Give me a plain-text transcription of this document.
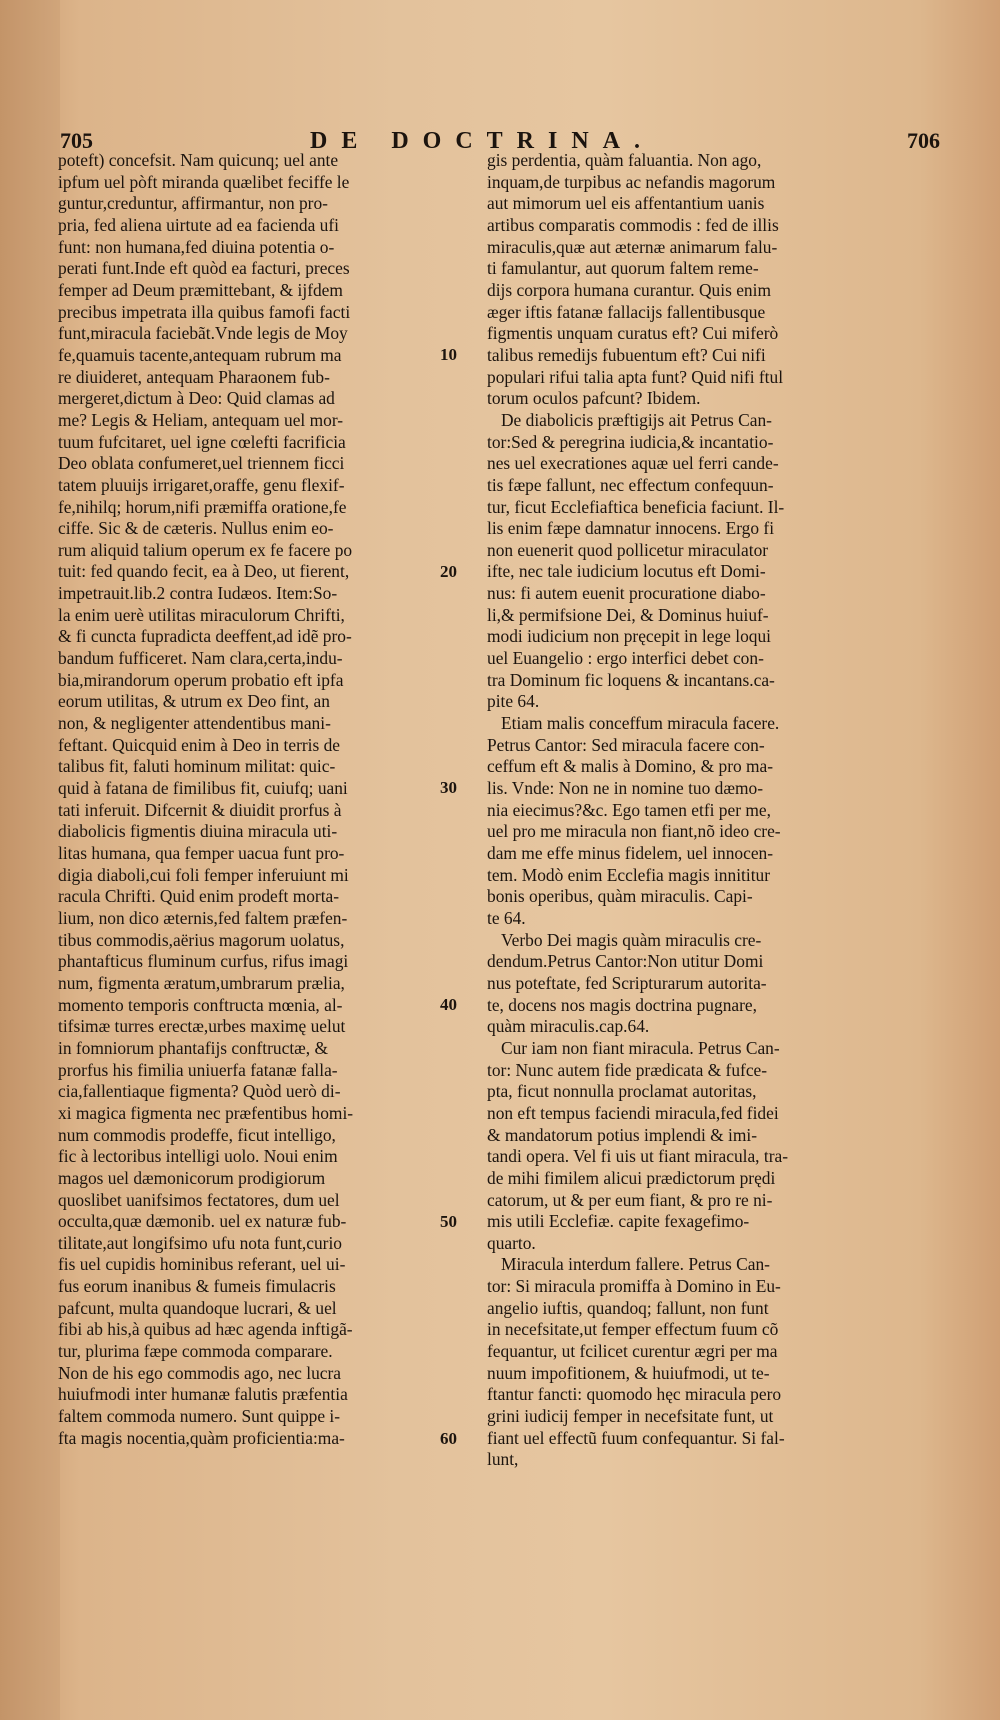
705	DE DOCTRINA.	706
poteft) concefsit. Nam quicunq; uel ante
ipfum uel pòft miranda quælibet feciffe le
guntur,creduntur, affirmantur, non pro-
pria, fed aliena uirtute ad ea facienda ufi
funt: non humana,fed diuina potentia o-
perati funt.Inde eft quòd ea facturi, preces
femper ad Deum præmittebant, & ijfdem
precibus impetrata illa quibus famofi facti
funt,miracula faciebãt.Vnde legis de Moy
fe,quamuis tacente,antequam rubrum ma
re diuideret, antequam Pharaonem fub-
mergeret,dictum à Deo: Quid clamas ad
me? Legis & Heliam, antequam uel mor-
tuum fufcitaret, uel igne cœlefti facrificia
Deo oblata confumeret,uel triennem ficci
tatem pluuijs irrigaret,oraffe, genu flexif-
fe,nihilq; horum,nifi præmiffa oratione,fe
ciffe. Sic & de cæteris. Nullus enim eo-
rum aliquid talium operum ex fe facere po
tuit: fed quando fecit, ea à Deo, ut fierent,
impetrauit.lib.2 contra Iudæos. Item:So-
la enim uerè utilitas miraculorum Chrifti,
& fi cuncta fupradicta deeffent,ad idẽ pro-
bandum fufficeret. Nam clara,certa,indu-
bia,mirandorum operum probatio eft ipfa
eorum utilitas, & utrum ex Deo fint, an
non, & negligenter attendentibus mani-
feftant. Quicquid enim à Deo in terris de
talibus fit, faluti hominum militat: quic-
quid à fatana de fimilibus fit, cuiufq; uani
tati inferuit. Difcernit & diuidit prorfus à
diabolicis figmentis diuina miracula uti-
litas humana, qua femper uacua funt pro-
digia diaboli,cui foli femper inferuiunt mi
racula Chrifti. Quid enim prodeft morta-
lium, non dico æternis,fed faltem præfen-
tibus commodis,aërius magorum uolatus,
phantafticus fluminum curfus, rifus imagi
num, figmenta æratum,umbrarum prælia,
momento temporis conftructa mœnia, al-
tifsimæ turres erectæ,urbes maximę uelut
in fomniorum phantafijs conftructæ, &
prorfus his fimilia uniuerfa fatanæ falla-
cia,fallentiaque figmenta? Quòd uerò di-
xi magica figmenta nec præfentibus homi-
num commodis prodeffe, ficut intelligo,
fic à lectoribus intelligi uolo. Noui enim
magos uel dæmonicorum prodigiorum
quoslibet uanifsimos fectatores, dum uel
occulta,quæ dæmonib. uel ex naturæ fub-
tilitate,aut longifsimo ufu nota funt,curio
fis uel cupidis hominibus referant, uel ui-
fus eorum inanibus & fumeis fimulacris
pafcunt, multa quandoque lucrari, & uel
fibi ab his,à quibus ad hæc agenda inftigã-
tur, plurima fæpe commoda comparare.
Non de his ego commodis ago, nec lucra
huiufmodi inter humanæ falutis præfentia
faltem commoda numero. Sunt quippe i-
fta magis nocentia,quàm proficientia:ma-
10
20
30
40
50
60
gis perdentia, quàm faluantia. Non ago,
inquam,de turpibus ac nefandis magorum
aut mimorum uel eis affentantium uanis
artibus comparatis commodis : fed de illis
miraculis,quæ aut æternæ animarum falu-
ti famulantur, aut quorum faltem reme-
dijs corpora humana curantur. Quis enim
æger iftis fatanæ fallacijs fallentibusque
figmentis unquam curatus eft? Cui miferò
talibus remedijs fubuentum eft? Cui nifi
populari rifui talia apta funt? Quid nifi ftul
torum oculos pafcunt? Ibidem.
De diabolicis præftigijs ait Petrus Can-
tor:Sed & peregrina iudicia,& incantatio-
nes uel execrationes aquæ uel ferri cande-
tis fæpe fallunt, nec effectum confequun-
tur, ficut Ecclefiaftica beneficia faciunt. Il-
lis enim fæpe damnatur innocens. Ergo fi
non euenerit quod pollicetur miraculator
ifte, nec tale iudicium locutus eft Domi-
nus: fi autem euenit procuratione diabo-
li,& permifsione Dei, & Dominus huiuf-
modi iudicium non pręcepit in lege loqui
uel Euangelio : ergo interfici debet con-
tra Dominum fic loquens & incantans.ca-
pite 64.
Etiam malis conceffum miracula facere.
Petrus Cantor: Sed miracula facere con-
ceffum eft & malis à Domino, & pro ma-
lis. Vnde: Non ne in nomine tuo dæmo-
nia eiecimus?&c. Ego tamen etfi per me,
uel pro me miracula non fiant,nõ ideo cre-
dam me effe minus fidelem, uel innocen-
tem. Modò enim Ecclefia magis innititur
bonis operibus, quàm miraculis. Capi-
te 64.
Verbo Dei magis quàm miraculis cre-
dendum.Petrus Cantor:Non utitur Domi
nus poteftate, fed Scripturarum autorita-
te, docens nos magis doctrina pugnare,
quàm miraculis.cap.64.
Cur iam non fiant miracula. Petrus Can-
tor: Nunc autem fide prædicata & fufce-
pta, ficut nonnulla proclamat autoritas,
non eft tempus faciendi miracula,fed fidei
& mandatorum potius implendi & imi-
tandi opera. Vel fi uis ut fiant miracula, tra-
de mihi fimilem alicui prædictorum prędi
catorum, ut & per eum fiant, & pro re ni-
mis utili Ecclefiæ. capite fexagefimo-
quarto.
Miracula interdum fallere. Petrus Can-
tor: Si miracula promiffa à Domino in Eu-
angelio iuftis, quandoq; fallunt, non funt
in necefsitate,ut femper effectum fuum cõ
fequantur, ut fcilicet curentur ægri per ma
nuum impofitionem, & huiufmodi, ut te-
ftantur fancti: quomodo hęc miracula pero
grini iudicij femper in necefsitate funt, ut
fiant uel effectũ fuum confequantur. Si fal-
lunt,
